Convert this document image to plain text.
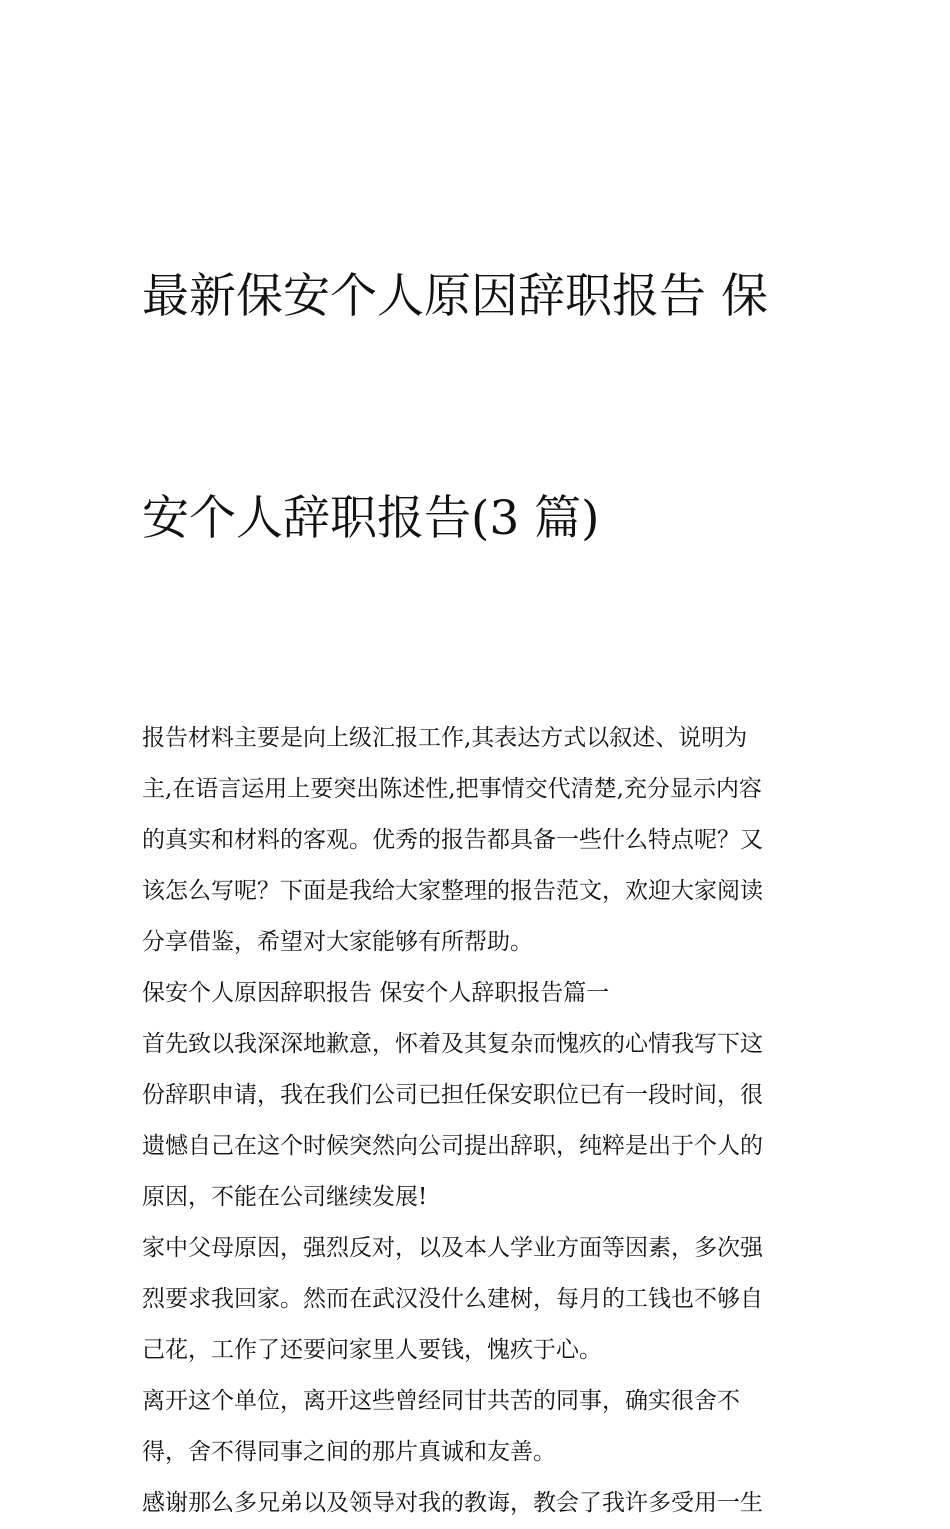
最新保安个人原因辞职报告 保

安个人辞职报告(3 篇)

报告材料主要是向上级汇报工作,其表达方式以叙述、说明为
主,在语言运用上要突出陈述性,把事情交代清楚,充分显示内容
的真实和材料的客观。优秀的报告都具备一些什么特点呢？又
该怎么写呢？下面是我给大家整理的报告范文，欢迎大家阅读
分享借鉴，希望对大家能够有所帮助。

保安个人原因辞职报告 保安个人辞职报告篇一

首先致以我深深地歉意，怀着及其复杂而愧疚的心情我写下这
份辞职申请，我在我们公司已担任保安职位已有一段时间，很
遗憾自己在这个时候突然向公司提出辞职，纯粹是出于个人的
原因，不能在公司继续发展!

家中父母原因，强烈反对，以及本人学业方面等因素，多次强
烈要求我回家。然而在武汉没什么建树，每月的工钱也不够自
己花，工作了还要问家里人要钱，愧疚于心。

离开这个单位，离开这些曾经同甘共苦的同事，确实很舍不
得，舍不得同事之间的那片真诚和友善。

感谢那么多兄弟以及领导对我的教诲，教会了我许多受用一生
